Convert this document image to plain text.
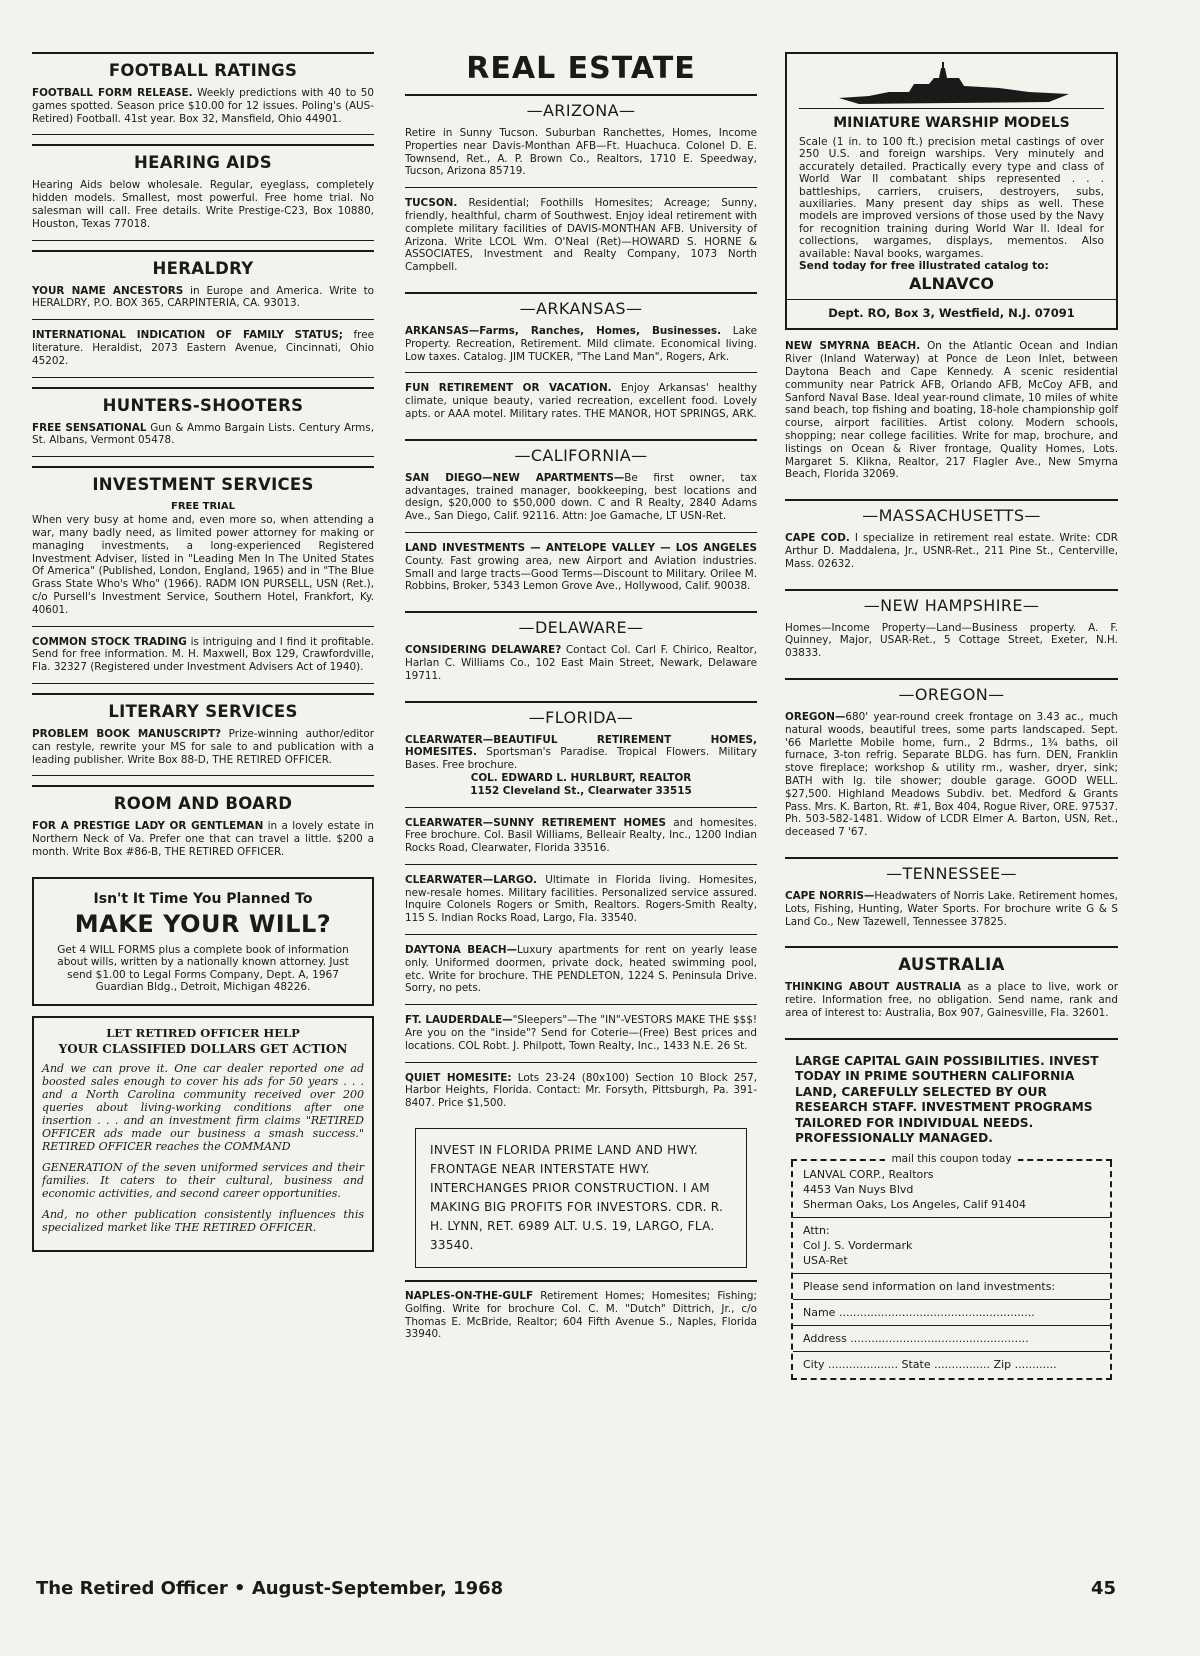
FOOTBALL RATINGS

FOOTBALL FORM RELEASE. Weekly predictions with 40 to 50 games spotted. Season price $10.00 for 12 issues. Poling's (AUS-Retired) Football. 41st year. Box 32, Mansfield, Ohio 44901.

HEARING AIDS

Hearing Aids below wholesale. Regular, eyeglass, completely hidden models. Smallest, most powerful. Free home trial. No salesman will call. Free details. Write Prestige-C23, Box 10880, Houston, Texas 77018.

HERALDRY

YOUR NAME ANCESTORS in Europe and America. Write to HERALDRY, P.O. BOX 365, CARPINTERIA, CA. 93013.

INTERNATIONAL INDICATION OF FAMILY STATUS; free literature. Heraldist, 2073 Eastern Avenue, Cincinnati, Ohio 45202.

HUNTERS-SHOOTERS

FREE SENSATIONAL Gun & Ammo Bargain Lists. Century Arms, St. Albans, Vermont 05478.

INVESTMENT SERVICES
FREE TRIAL

When very busy at home and, even more so, when attending a war, many badly need, as limited power attorney for making or managing investments, a long-experienced Registered Investment Adviser, listed in "Leading Men In The United States Of America" (Published, London, England, 1965) and in "The Blue Grass State Who's Who" (1966). RADM ION PURSELL, USN (Ret.), c/o Pursell's Investment Service, Southern Hotel, Frankfort, Ky. 40601.

COMMON STOCK TRADING is intriguing and I find it profitable. Send for free information. M. H. Maxwell, Box 129, Crawfordville, Fla. 32327 (Registered under Investment Advisers Act of 1940).

LITERARY SERVICES

PROBLEM BOOK MANUSCRIPT? Prize-winning author/editor can restyle, rewrite your MS for sale to and publication with a leading publisher. Write Box 88-D, THE RETIRED OFFICER.

ROOM AND BOARD

FOR A PRESTIGE LADY OR GENTLEMAN in a lovely estate in Northern Neck of Va. Prefer one that can travel a little. $200 a month. Write Box #86-B, THE RETIRED OFFICER.

Isn't It Time You Planned To
MAKE YOUR WILL?
Get 4 WILL FORMS plus a complete book of information about wills, written by a nationally known attorney. Just send $1.00 to Legal Forms Company, Dept. A, 1967 Guardian Bldg., Detroit, Michigan 48226.
LET RETIRED OFFICER HELP
YOUR CLASSIFIED DOLLARS GET ACTION

And we can prove it. One car dealer reported one ad boosted sales enough to cover his ads for 50 years . . . and a North Carolina community received over 200 queries about living-working conditions after one insertion . . . and an investment firm claims "RETIRED OFFICER ads made our business a smash success." RETIRED OFFICER reaches the COMMAND

GENERATION of the seven uniformed services and their families. It caters to their cultural, business and economic activities, and second career opportunities.

And, no other publication consistently influences this specialized market like THE RETIRED OFFICER.

REAL ESTATE
—ARIZONA—

Retire in Sunny Tucson. Suburban Ranchettes, Homes, Income Properties near Davis-Monthan AFB—Ft. Huachuca. Colonel D. E. Townsend, Ret., A. P. Brown Co., Realtors, 1710 E. Speedway, Tucson, Arizona 85719.

TUCSON. Residential; Foothills Homesites; Acreage; Sunny, friendly, healthful, charm of Southwest. Enjoy ideal retirement with complete military facilities of DAVIS-MONTHAN AFB. University of Arizona. Write LCOL Wm. O'Neal (Ret)—HOWARD S. HORNE & ASSOCIATES, Investment and Realty Company, 1073 North Campbell.

—ARKANSAS—

ARKANSAS—Farms, Ranches, Homes, Businesses. Lake Property. Recreation, Retirement. Mild climate. Economical living. Low taxes. Catalog. JIM TUCKER, "The Land Man", Rogers, Ark.

FUN RETIREMENT OR VACATION. Enjoy Arkansas' healthy climate, unique beauty, varied recreation, excellent food. Lovely apts. or AAA motel. Military rates. THE MANOR, HOT SPRINGS, ARK.

—CALIFORNIA—

SAN DIEGO—NEW APARTMENTS—Be first owner, tax advantages, trained manager, bookkeeping, best locations and design, $20,000 to $50,000 down. C and R Realty, 2840 Adams Ave., San Diego, Calif. 92116. Attn: Joe Gamache, LT USN-Ret.

LAND INVESTMENTS — ANTELOPE VALLEY — LOS ANGELES County. Fast growing area, new Airport and Aviation industries. Small and large tracts—Good Terms—Discount to Military. Orilee M. Robbins, Broker, 5343 Lemon Grove Ave., Hollywood, Calif. 90038.

—DELAWARE—

CONSIDERING DELAWARE? Contact Col. Carl F. Chirico, Realtor, Harlan C. Williams Co., 102 East Main Street, Newark, Delaware 19711.

—FLORIDA—
CLEARWATER—BEAUTIFUL RETIREMENT HOMES, HOMESITES. Sportsman's Paradise. Tropical Flowers. Military Bases. Free brochure.
COL. EDWARD L. HURLBURT, REALTOR
1152 Cleveland St., Clearwater 33515

CLEARWATER—SUNNY RETIREMENT HOMES and homesites. Free brochure. Col. Basil Williams, Belleair Realty, Inc., 1200 Indian Rocks Road, Clearwater, Florida 33516.

CLEARWATER—LARGO. Ultimate in Florida living. Homesites, new-resale homes. Military facilities. Personalized service assured. Inquire Colonels Rogers or Smith, Realtors. Rogers-Smith Realty, 115 S. Indian Rocks Road, Largo, Fla. 33540.

DAYTONA BEACH—Luxury apartments for rent on yearly lease only. Uniformed doormen, private dock, heated swimming pool, etc. Write for brochure. THE PENDLETON, 1224 S. Peninsula Drive. Sorry, no pets.

FT. LAUDERDALE—"Sleepers"—The "IN"-VESTORS MAKE THE $$$! Are you on the "inside"? Send for Coterie—(Free) Best prices and locations. COL Robt. J. Philpott, Town Realty, Inc., 1433 N.E. 26 St.

QUIET HOMESITE: Lots 23-24 (80x100) Section 10 Block 257, Harbor Heights, Florida. Contact: Mr. Forsyth, Pittsburgh, Pa. 391-8407. Price $1,500.

INVEST IN FLORIDA PRIME LAND AND HWY. FRONTAGE NEAR INTERSTATE HWY. INTERCHANGES PRIOR CONSTRUCTION. I AM MAKING BIG PROFITS FOR INVESTORS. CDR. R. H. LYNN, RET. 6989 ALT. U.S. 19, LARGO, FLA. 33540.

NAPLES-ON-THE-GULF Retirement Homes; Homesites; Fishing; Golfing. Write for brochure Col. C. M. "Dutch" Dittrich, Jr., c/o Thomas E. McBride, Realtor; 604 Fifth Avenue S., Naples, Florida 33940.

MINIATURE WARSHIP MODELS
Scale (1 in. to 100 ft.) precision metal castings of over 250 U.S. and foreign warships. Very minutely and accurately detailed. Practically every type and class of World War II combatant ships represented . . . battleships, carriers, cruisers, destroyers, subs, auxiliaries. Many present day ships as well. These models are improved versions of those used by the Navy for recognition training during World War II. Ideal for collections, wargames, displays, mementos. Also available: Naval books, wargames.
Send today for free illustrated catalog to:
ALNAVCO
Dept. RO, Box 3, Westfield, N.J. 07091

NEW SMYRNA BEACH. On the Atlantic Ocean and Indian River (Inland Waterway) at Ponce de Leon Inlet, between Daytona Beach and Cape Kennedy. A scenic residential community near Patrick AFB, Orlando AFB, McCoy AFB, and Sanford Naval Base. Ideal year-round climate, 10 miles of white sand beach, top fishing and boating, 18-hole championship golf course, airport facilities. Artist colony. Modern schools, shopping; near college facilities. Write for map, brochure, and listings on Ocean & River frontage, Quality Homes, Lots. Margaret S. Klikna, Realtor, 217 Flagler Ave., New Smyrna Beach, Florida 32069.

—MASSACHUSETTS—

CAPE COD. I specialize in retirement real estate. Write: CDR Arthur D. Maddalena, Jr., USNR-Ret., 211 Pine St., Centerville, Mass. 02632.

—NEW HAMPSHIRE—

Homes—Income Property—Land—Business property. A. F. Quinney, Major, USAR-Ret., 5 Cottage Street, Exeter, N.H. 03833.

—OREGON—

OREGON—680' year-round creek frontage on 3.43 ac., much natural woods, beautiful trees, some parts landscaped. Sept. '66 Marlette Mobile home, furn., 2 Bdrms., 1¾ baths, oil furnace, 3-ton refrig. Separate BLDG. has furn. DEN, Franklin stove fireplace; workshop & utility rm., washer, dryer, sink; BATH with lg. tile shower; double garage. GOOD WELL. $27,500. Highland Meadows Subdiv. bet. Medford & Grants Pass. Mrs. K. Barton, Rt. #1, Box 404, Rogue River, ORE. 97537. Ph. 503-582-1481. Widow of LCDR Elmer A. Barton, USN, Ret., deceased 7 '67.

—TENNESSEE—

CAPE NORRIS—Headwaters of Norris Lake. Retirement homes, Lots, Fishing, Hunting, Water Sports. For brochure write G & S Land Co., New Tazewell, Tennessee 37825.

AUSTRALIA

THINKING ABOUT AUSTRALIA as a place to live, work or retire. Information free, no obligation. Send name, rank and area of interest to: Australia, Box 907, Gainesville, Fla. 32601.

LARGE CAPITAL GAIN POSSIBILITIES. INVEST TODAY IN PRIME SOUTHERN CALIFORNIA LAND, CAREFULLY SELECTED BY OUR RESEARCH STAFF. INVESTMENT PROGRAMS TAILORED FOR INDIVIDUAL NEEDS. PROFESSIONALLY MANAGED.
mail this coupon today
LANVAL CORP., Realtors
4453 Van Nuys Blvd
Sherman Oaks, Los Angeles, Calif 91404
Attn:
Col J. S. Vordermark
USA-Ret
Please send information on land investments:
Name ........................................................
Address ...................................................
City .................... State ................ Zip ............
The Retired Officer • August-September, 1968	45
